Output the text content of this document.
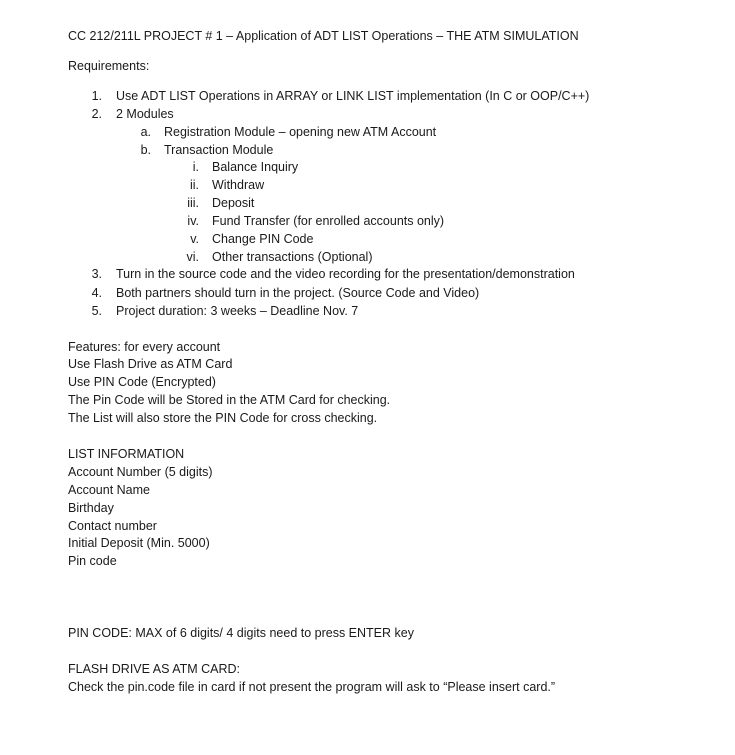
CC 212/211L PROJECT # 1 – Application of ADT LIST Operations – THE ATM SIMULATION
Requirements:
1. Use ADT LIST Operations in ARRAY or LINK LIST implementation (In C or OOP/C++)
2. 2 Modules
a. Registration Module – opening new ATM Account
b. Transaction Module
i. Balance Inquiry
ii. Withdraw
iii. Deposit
iv. Fund Transfer (for enrolled accounts only)
v. Change PIN Code
vi. Other transactions (Optional)
3. Turn in the source code and the video recording for the presentation/demonstration
4. Both partners should turn in the project. (Source Code and Video)
5. Project duration: 3 weeks – Deadline Nov. 7
Features: for every account
Use Flash Drive as ATM Card
Use PIN Code (Encrypted)
The Pin Code will be Stored in the ATM Card for checking.
The List will also store the PIN Code for cross checking.
LIST INFORMATION
Account Number (5 digits)
Account Name
Birthday
Contact number
Initial Deposit (Min. 5000)
Pin code
PIN CODE: MAX of 6 digits/ 4 digits need to press ENTER key
FLASH DRIVE AS ATM CARD:
Check the pin.code file in card if not present the program will ask to “Please insert card.”
